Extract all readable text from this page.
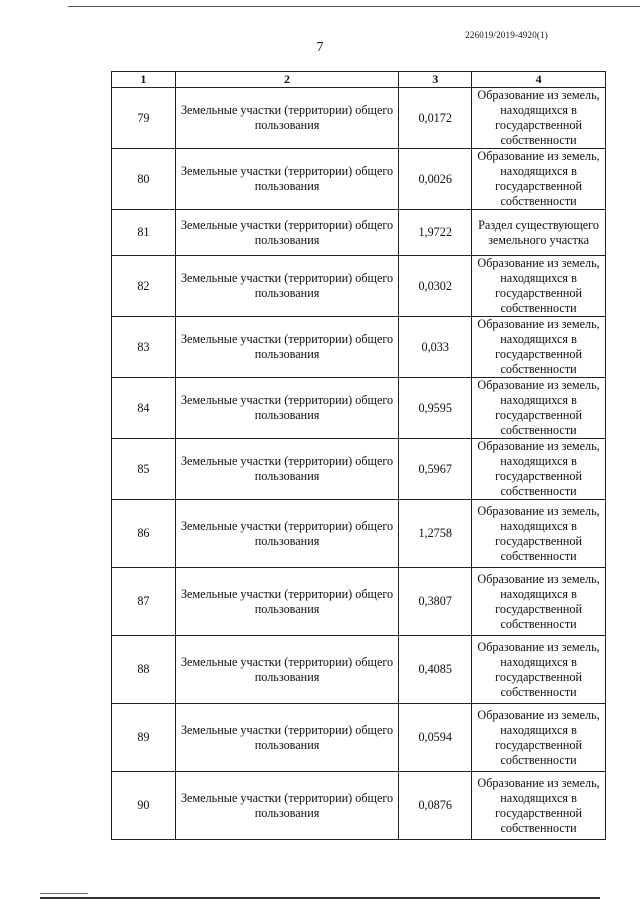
226019/2019-4920(1)
7
1	2	3	4
79	Земельные участки (территории) общего пользования	0,0172	Образование из земель, находящихся в государственной собственности
80	Земельные участки (территории) общего пользования	0,0026	Образование из земель, находящихся в государственной собственности
81	Земельные участки (территории) общего пользования	1,9722	Раздел существующего земельного участка
82	Земельные участки (территории) общего пользования	0,0302	Образование из земель, находящихся в государственной собственности
83	Земельные участки (территории) общего пользования	0,033	Образование из земель, находящихся в государственной собственности
84	Земельные участки (территории) общего пользования	0,9595	Образование из земель, находящихся в государственной собственности
85	Земельные участки (территории) общего пользования	0,5967	Образование из земель, находящихся в государственной собственности
86	Земельные участки (территории) общего пользования	1,2758	Образование из земель, находящихся в государственной собственности
87	Земельные участки (территории) общего пользования	0,3807	Образование из земель, находящихся в государственной собственности
88	Земельные участки (территории) общего пользования	0,4085	Образование из земель, находящихся в государственной собственности
89	Земельные участки (территории) общего пользования	0,0594	Образование из земель, находящихся в государственной собственности
90	Земельные участки (территории) общего пользования	0,0876	Образование из земель, находящихся в государственной собственности
